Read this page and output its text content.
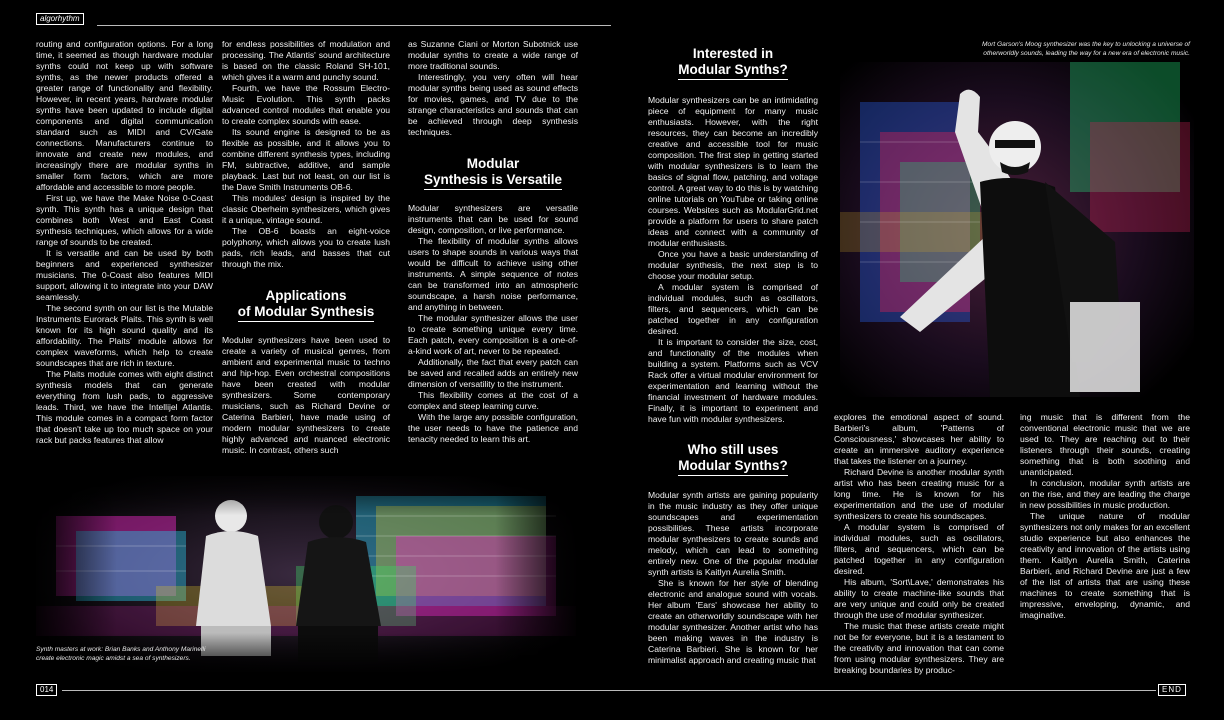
algorhythm

routing and configuration options. For a long time, it seemed as though hardware modular synths could not keep up with software synths, as the newer products offered a greater range of functionality and flexibility. However, in recent years, hardware modular synths have been updated to include digital components and digital communication standard such as MIDI and CV/Gate connections. Manufacturers continue to innovate and create new modules, and increasingly there are modular synths in smaller form factors, which are more affordable and accessible to more people.

First up, we have the Make Noise 0-Coast synth. This synth has a unique design that combines both West and East Coast synthesis techniques, which allows for a wide range of sounds to be created.

It is versatile and can be used by both beginners and experienced synthesizer musicians. The 0-Coast also features MIDI support, allowing it to integrate into your DAW seamlessly.

The second synth on our list is the Mutable Instruments Eurorack Plaits. This synth is well known for its high sound quality and its affordability. The Plaits' module allows for complex waveforms, which help to create soundscapes that are rich in texture.

The Plaits module comes with eight distinct synthesis models that can generate everything from lush pads, to aggressive leads. Third, we have the Intellijel Atlantis. This module comes in a compact form factor that doesn't take up too much space on your rack but packs features that allow

for endless possibilities of modulation and processing. The Atlantis' sound architecture is based on the classic Roland SH-101, which gives it a warm and punchy sound.

Fourth, we have the Rossum Electro-Music Evolution. This synth packs advanced control modules that enable you to create complex sounds with ease.

Its sound engine is designed to be as flexible as possible, and it allows you to combine different synthesis types, including FM, subtractive, additive, and sample playback. Last but not least, on our list is the Dave Smith Instruments OB-6.

This modules' design is inspired by the classic Oberheim synthesizers, which gives it a unique, vintage sound.

The OB-6 boasts an eight-voice polyphony, which allows you to create lush pads, rich leads, and basses that cut through the mix.

Applications
of Modular Synthesis

Modular synthesizers have been used to create a variety of musical genres, from ambient and experimental music to techno and hip-hop. Even orchestral compositions have been created with modular synthesizers. Some contemporary musicians, such as Richard Devine or Caterina Barbieri, have made using of modern modular synthesizers to create highly advanced and nuanced electronic music. In contrast, others such

as Suzanne Ciani or Morton Subotnick use modular synths to create a wide range of more traditional sounds.

Interestingly, you very often will hear modular synths being used as sound effects for movies, games, and TV due to the strange characteristics and sounds that can be achieved through deep synthesis techniques.

Modular
Synthesis is Versatile

Modular synthesizers are versatile instruments that can be used for sound design, composition, or live performance.

The flexibility of modular synths allows users to shape sounds in various ways that would be difficult to achieve using other instruments. A simple sequence of notes can be transformed into an atmospheric soundscape, a harsh noise performance, and anything in between.

The modular synthesizer allows the user to create something unique every time. Each patch, every composition is a one-of-a-kind work of art, never to be repeated.

Additionally, the fact that every patch can be saved and recalled adds an entirely new dimension of versatility to the instrument.

This flexibility comes at the cost of a complex and steep learning curve.

With the large any possible configuration, the user needs to have the patience and tenacity needed to learn this art.

Synth masters at work: Brian Banks and Anthony Marinelli
create electronic magic amidst a sea of synthesizers.
Interested in
Modular Synths?

Modular synthesizers can be an intimidating piece of equipment for many music enthusiasts. However, with the right resources, they can become an incredibly creative and accessible tool for music composition. The first step in getting started with modular synthesizers is to learn the basics of signal flow, patching, and voltage control. A great way to do this is by watching online tutorials on YouTube or taking online courses. Websites such as ModularGrid.net provide a platform for users to share patch ideas and connect with a community of modular enthusiasts.

Once you have a basic understanding of modular synthesis, the next step is to choose your modular setup.

A modular system is comprised of individual modules, such as oscillators, filters, and sequencers, which can be patched together in any configuration desired.

It is important to consider the size, cost, and functionality of the modules when building a system. Platforms such as VCV Rack offer a virtual modular environment for experimentation and learning without the financial investment of hardware modules. Finally, it is important to experiment and have fun with modular synthesizers.

Who still uses
Modular Synths?

Modular synth artists are gaining popularity in the music industry as they offer unique soundscapes and experimentation possibilities. These artists incorporate modular synthesizers to create sounds and melody, which can lead to something entirely new. One of the popular modular synth artists is Kaitlyn Aurelia Smith.

She is known for her style of blending electronic and analogue sound with vocals. Her album 'Ears' showcase her ability to create an otherworldly soundscape with her modular synthesizer. Another artist who has been making waves in the industry is Caterina Barbieri. She is known for her minimalist approach and creating music that

Mort Garson's Moog synthesizer was the key to unlocking a universe of
otherworldly sounds, leading the way for a new era of electronic music.

explores the emotional aspect of sound. Barbieri's album, 'Patterns of Consciousness,' showcases her ability to create an immersive auditory experience that takes the listener on a journey.

Richard Devine is another modular synth artist who has been creating music for a long time. He is known for his experimentation and the use of modular synthesizers to create his soundscapes.

A modular system is comprised of individual modules, such as oscillators, filters, and sequencers, which can be patched together in any configuration desired.

His album, 'Sort\Lave,' demonstrates his ability to create machine-like sounds that are very unique and could only be created through the use of modular synthesizer.

The music that these artists create might not be for everyone, but it is a testament to the creativity and innovation that can come from using modular synthesizers. They are breaking boundaries by produc-

ing music that is different from the conventional electronic music that we are used to. They are reaching out to their listeners through their sounds, creating something that is both soothing and unanticipated.

In conclusion, modular synth artists are on the rise, and they are leading the charge in new possibilities in music production.

The unique nature of modular synthesizers not only makes for an excellent studio experience but also enhances the creativity and innovation of the artists using them. Kaitlyn Aurelia Smith, Caterina Barbieri, and Richard Devine are just a few of the list of artists that are using these machines to create something that is impressive, enveloping, dynamic, and imaginative.

014	END
